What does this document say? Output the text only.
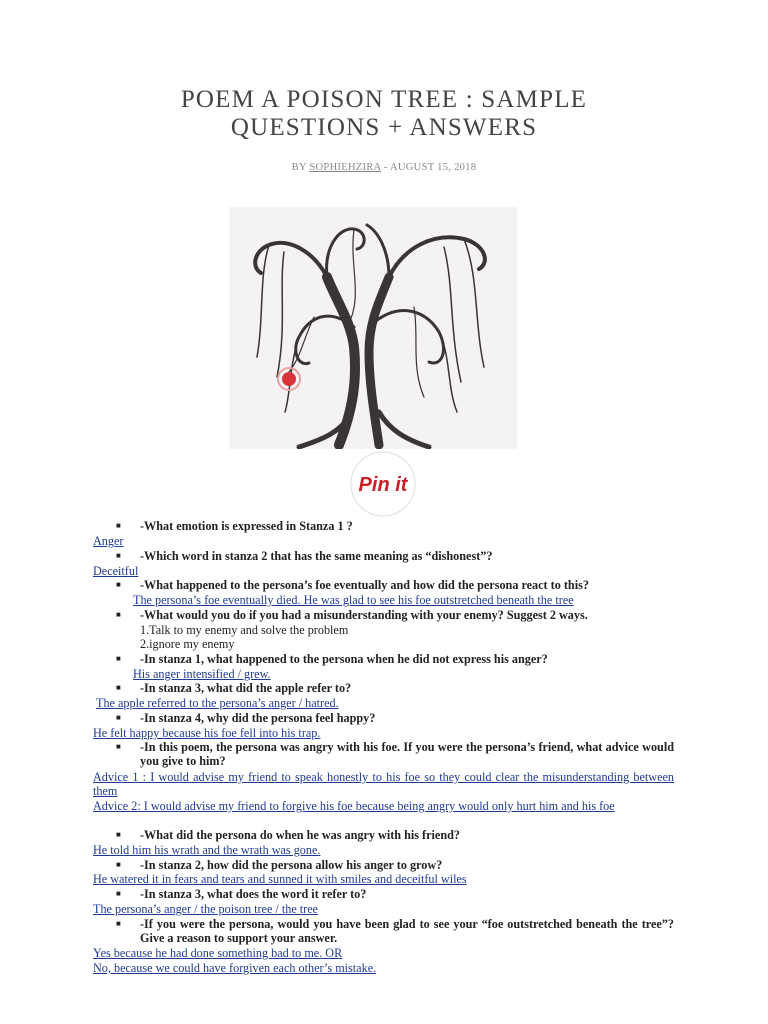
POEM A POISON TREE : SAMPLE
QUESTIONS + ANSWERS
BY SOPHIEHZIRA - AUGUST 15, 2018
Pin it
■ -What emotion is expressed in Stanza 1 ?
Anger
■ -Which word in stanza 2 that has the same meaning as “dishonest”?
Deceitful
■ -What happened to the persona’s foe eventually and how did the persona react to this?
The persona’s foe eventually died. He was glad to see his foe outstretched beneath the tree
■ -What would you do if you had a misunderstanding with your enemy? Suggest 2 ways.
1.Talk to my enemy and solve the problem
2.ignore my enemy
■ -In stanza 1, what happened to the persona when he did not express his anger?
His anger intensified / grew.
■ -In stanza 3, what did the apple refer to?
The apple referred to the persona’s anger / hatred.
■ -In stanza 4, why did the persona feel happy?
He felt happy because his foe fell into his trap.
■ -In this poem, the persona was angry with his foe. If you were the persona’s friend, what advice would you give to him?
Advice 1 : I would advise my friend to speak honestly to his foe so they could clear the misunderstanding between them
Advice 2: I would advise my friend to forgive his foe because being angry would only hurt him and his foe
■ -What did the persona do when he was angry with his friend?
He told him his wrath and the wrath was gone.
■ -In stanza 2, how did the persona allow his anger to grow?
He watered it in fears and tears and sunned it with smiles and deceitful wiles
■ -In stanza 3, what does the word it refer to?
The persona’s anger / the poison tree / the tree
■ -If you were the persona, would you have been glad to see your “foe outstretched beneath the tree”? Give a reason to support your answer.
Yes because he had done something bad to me. OR
No, because we could have forgiven each other’s mistake.
